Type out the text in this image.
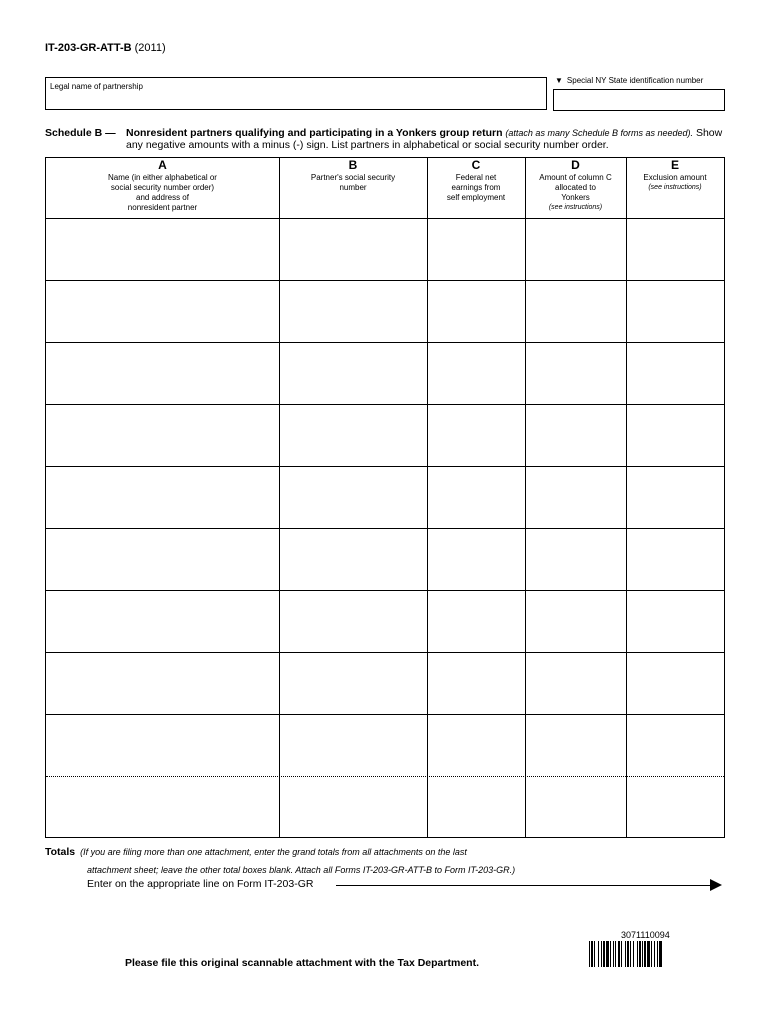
IT-203-GR-ATT-B (2011)
Legal name of partnership
▼ Special NY State identification number
Schedule B — Nonresident partners qualifying and participating in a Yonkers group return (attach as many Schedule B forms as needed). Show any negative amounts with a minus (-) sign. List partners in alphabetical or social security number order.
A
Name (in either alphabetical or
social security number order)
and address of
nonresident partner
B
Partner's social security
number
C
Federal net
earnings from
self employment
D
Amount of column C
allocated to
Yonkers
(see instructions)
E
Exclusion amount
(see instructions)
Totals (If you are filing more than one attachment, enter the grand totals from all attachments on the last
attachment sheet; leave the other total boxes blank. Attach all Forms IT-203-GR-ATT-B to Form IT-203-GR.)
Enter on the appropriate line on Form IT-203-GR
3071110094
Please file this original scannable attachment with the Tax Department.
